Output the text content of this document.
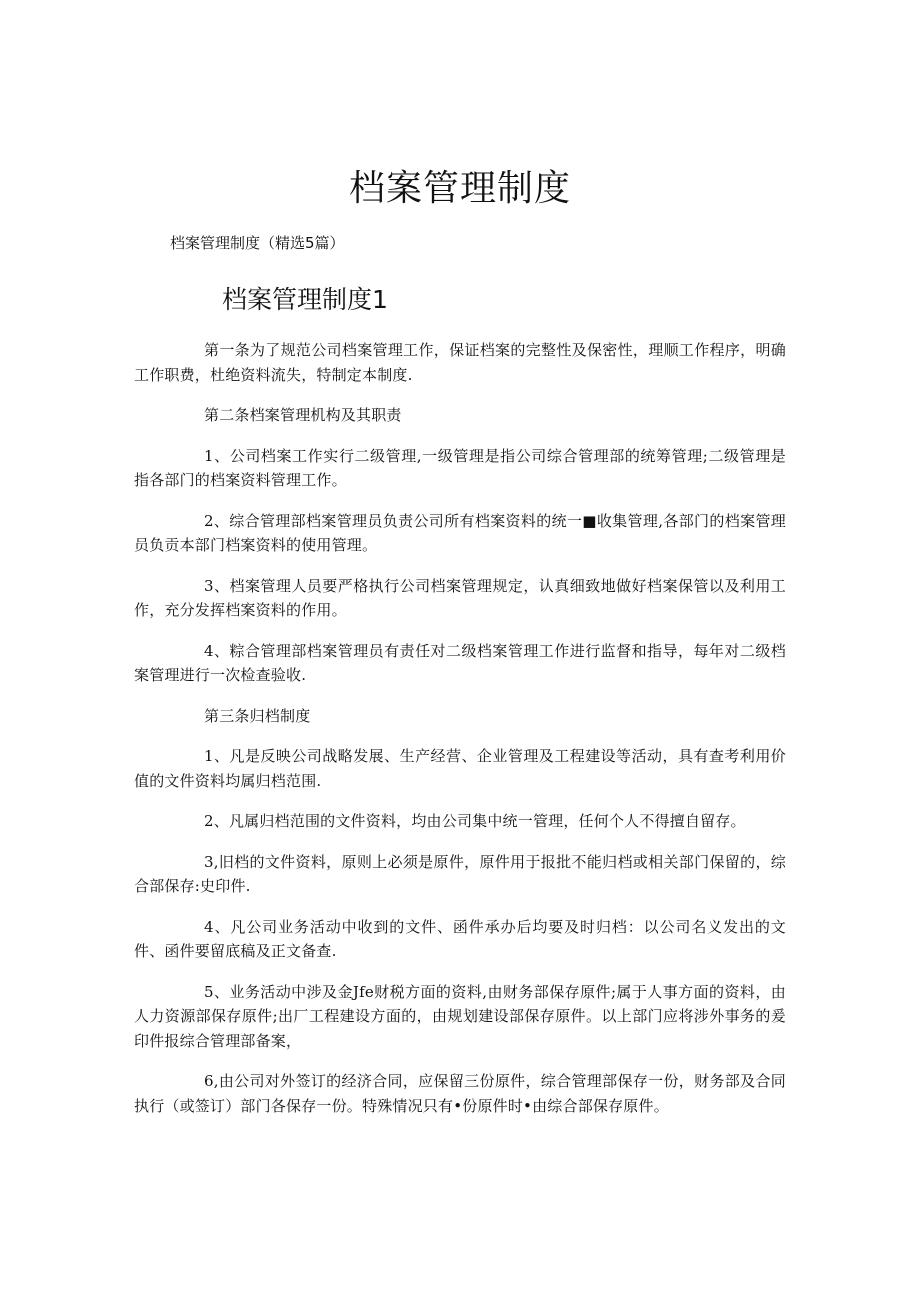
档案管理制度

档案管理制度（精选5篇）

档案管理制度1

第一条为了规范公司档案管理工作，保证档案的完整性及保密性，理顺工作程序，明确工作职费，杜绝资料流失，特制定本制度.

第二条档案管理机构及其职责

1、公司档案工作实行二级管理,一级管理是指公司综合管理部的统筹管理;二级管理是指各部门的档案资料管理工作。

2、综合管理部档案管理员负责公司所有档案资料的统一■收集管理,各部门的档案管理员负贡本部门档案资料的使用管理。

3、档案管理人员要严格执行公司档案管理规定，认真细致地做好档案保管以及利用工作，充分发挥档案资料的作用。

4、粽合管理部档案管理员有责任对二级档案管理工作进行监督和指导，每年对二级档案管理进行一次检查验收.

第三条归档制度

1、凡是反映公司战略发展、生产经营、企业管理及工程建设等活动，具有查考利用价值的文件资料均属归档范围.

2、凡属归档范围的文件资料，均由公司集中统一管理，任何个人不得擅自留存。

3,旧档的文件资料，原则上必须是原件，原件用于报批不能归档或相关部门保留的，综合部保存:史印件.

4、凡公司业务活动中收到的文件、函件承办后均要及时归档：以公司名义发出的文件、函件要留底稿及正文备查.

5、业务活动中涉及金Jfe财税方面的资料,由财务部保存原件;属于人事方面的资料，由人力资源部保存原件;出厂工程建设方面的，由规划建设部保存原件。以上部门应将涉外事务的爰印件报综合管理部备案，

6,由公司对外签订的经济合同，应保留三份原件，综合管理部保存一份，财务部及合同执行（或签订）部门各保存一份。特殊情况只有•份原件时•由综合部保存原件。
